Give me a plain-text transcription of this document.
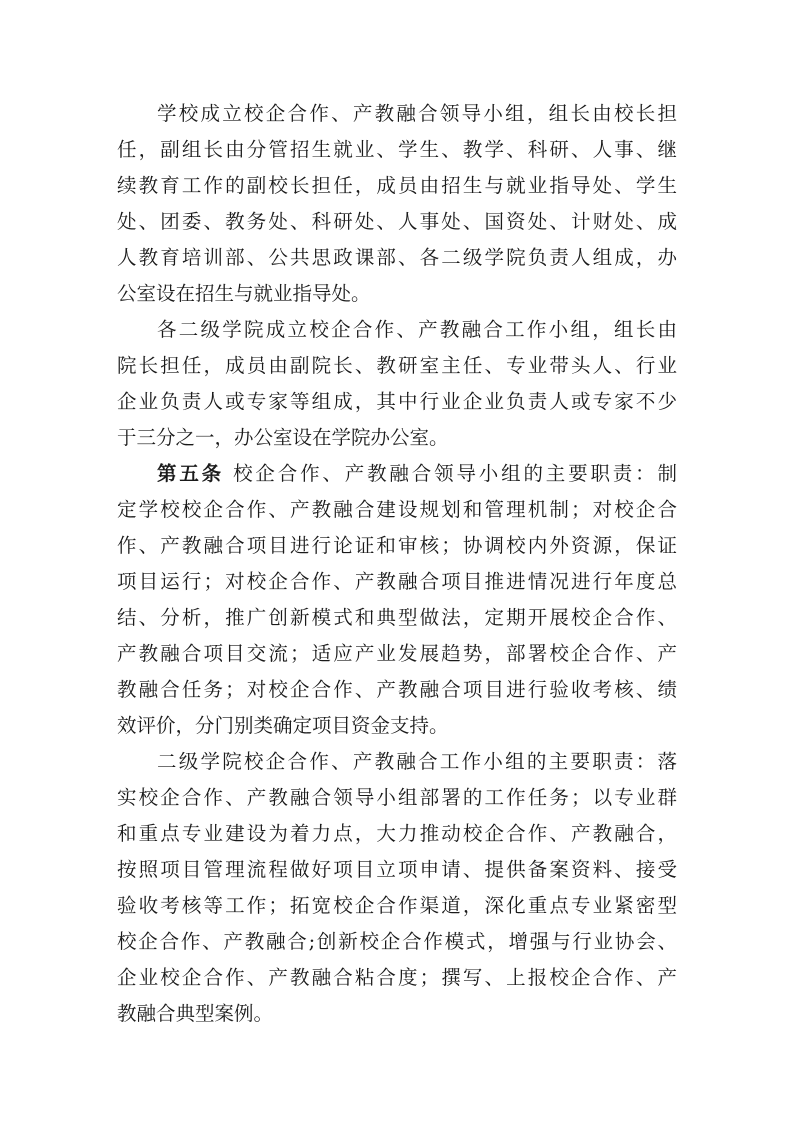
学校成立校企合作、产教融合领导小组，组长由校长担
任，副组长由分管招生就业、学生、教学、科研、人事、继
续教育工作的副校长担任，成员由招生与就业指导处、学生
处、团委、教务处、科研处、人事处、国资处、计财处、成
人教育培训部、公共思政课部、各二级学院负责人组成，办
公室设在招生与就业指导处。
各二级学院成立校企合作、产教融合工作小组，组长由
院长担任，成员由副院长、教研室主任、专业带头人、行业
企业负责人或专家等组成，其中行业企业负责人或专家不少
于三分之一，办公室设在学院办公室。
第五条 校企合作、产教融合领导小组的主要职责：制
定学校校企合作、产教融合建设规划和管理机制；对校企合
作、产教融合项目进行论证和审核；协调校内外资源，保证
项目运行；对校企合作、产教融合项目推进情况进行年度总
结、分析，推广创新模式和典型做法，定期开展校企合作、
产教融合项目交流；适应产业发展趋势，部署校企合作、产
教融合任务；对校企合作、产教融合项目进行验收考核、绩
效评价，分门别类确定项目资金支持。
二级学院校企合作、产教融合工作小组的主要职责：落
实校企合作、产教融合领导小组部署的工作任务；以专业群
和重点专业建设为着力点，大力推动校企合作、产教融合，
按照项目管理流程做好项目立项申请、提供备案资料、接受
验收考核等工作；拓宽校企合作渠道，深化重点专业紧密型
校企合作、产教融合;创新校企合作模式，增强与行业协会、
企业校企合作、产教融合粘合度；撰写、上报校企合作、产
教融合典型案例。
